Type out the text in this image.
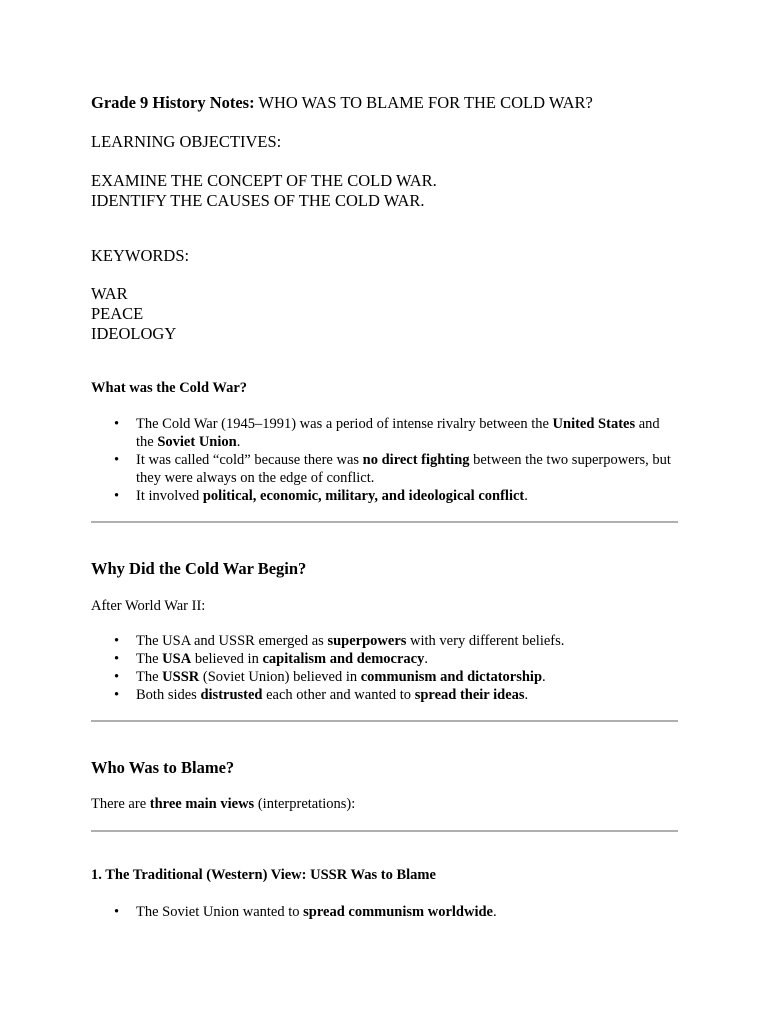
Grade 9 History Notes: WHO WAS TO BLAME FOR THE COLD WAR?

LEARNING OBJECTIVES:

EXAMINE THE CONCEPT OF THE COLD WAR.

IDENTIFY THE CAUSES OF THE COLD WAR.

KEYWORDS:

WAR

PEACE

IDEOLOGY

What was the Cold War?

• The Cold War (1945–1991) was a period of intense rivalry between the United States and the Soviet Union.
• It was called “cold” because there was no direct fighting between the two superpowers, but they were always on the edge of conflict.
• It involved political, economic, military, and ideological conflict.

Why Did the Cold War Begin?

After World War II:

• The USA and USSR emerged as superpowers with very different beliefs.
• The USA believed in capitalism and democracy.
• The USSR (Soviet Union) believed in communism and dictatorship.
• Both sides distrusted each other and wanted to spread their ideas.

Who Was to Blame?

There are three main views (interpretations):

1. The Traditional (Western) View: USSR Was to Blame

• The Soviet Union wanted to spread communism worldwide.
